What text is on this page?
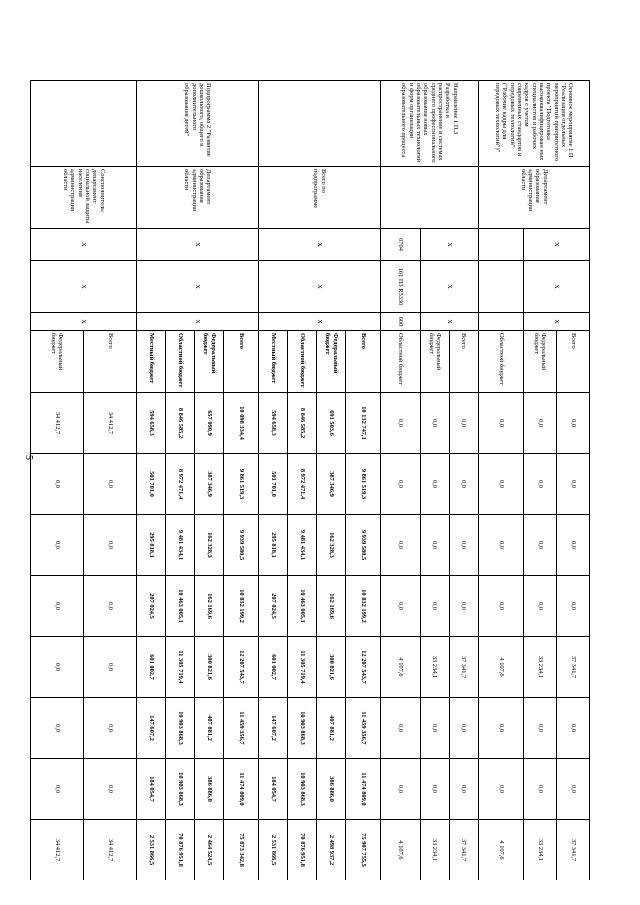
5
Основное мероприятие 1.П "Реализация отдельных мероприятий приоритетного проекта "Подготовка высококвалифицирован ных специалистов и рабочих кадров с учетом современных стандартов и передовых технологий" ("Рабочие кадры для передовых технологий")"	Департамент образования администрации области	X	X	X	Всего	0,0	0,0	0,0	0,0	37 341,7	0,0	0,0	37 341,7
					Федеральный бюджет	0,0	0,0	0,0	0,0	33 234,1	0,0	0,0	33 234,1
					Областной бюджет	0,0	0,0	0,0	0,0	4 107,6	0,0	0,0	4 107,6
Направление 1.П.3 Разработка и распространение в системах среднего профессионального образования новых образовательных технологий и форм организации образовательного процесса		X	X	X	Всего	0,0	0,0	0,0	0,0	37 341,7	0,0	0,0	37 341,7
					Федеральный бюджет	0,0	0,0	0,0	0,0	33 234,1	0,0	0,0	33 234,1
		0704	161 П3 R3330	600	Областной бюджет	0,0	0,0	0,0	0,0	4 107,6	0,0	0,0	4 107,6
	Всего по подпрограмме	X	X	X	Всего	10 132 747,1	9 861 519,3	9 939 580,5	10 832 199,2	12 207 543,7	11 459 356,7	11 474 809,0	75 907 755,5
					Федеральный бюджет	691 503,6	387 346,9	162 328,3	162 169,6	300 821,6	407 881,2	386 886,0	2 498 937,2
					Областной бюджет	8 846 585,2	8 972 471,4	9 481 434,1	10 463 005,1	11 305 719,4	10 903 868,3	10 903 868,3	70 876 951,8
					Местный бюджет	594 658,3	501 701,0	295 818,1	207 024,5	601 002,7	147 607,2	184 054,7	2 531 866,5
Подпрограмма 2 "Развитие дошкольного, общего и дополнительного образования детей"	Департамент образования администрации области	X	X	X	Всего	10 098 334,4	9 861 519,3	9 939 580,5	10 832 199,2	12 207 543,7	11 459 356,7	11 474 809,0	75 873 342,8
					Федеральный бюджет	657 090,9	387 346,9	162 328,3	162 169,6	300 821,6	407 881,2	386 886,0	2 464 524,5
					Областной бюджет	8 846 585,2	8 972 471,4	9 481 434,1	10 463 005,1	11 305 719,4	10 903 868,3	10 903 868,3	70 876 951,8
					Местный бюджет	594 658,3	501 701,0	295 818,1	207 024,5	601 002,7	147 607,2	184 054,7	2 531 866,5
	Соисполнитель: департамент социальной защиты населения администрации области	X	X	X	Всего	34 412,7	0,0	0,0	0,0	0,0	0,0	0,0	34 412,7
					Федеральный бюджет	34 412,7	0,0	0,0	0,0	0,0	0,0	0,0	34 412,7
